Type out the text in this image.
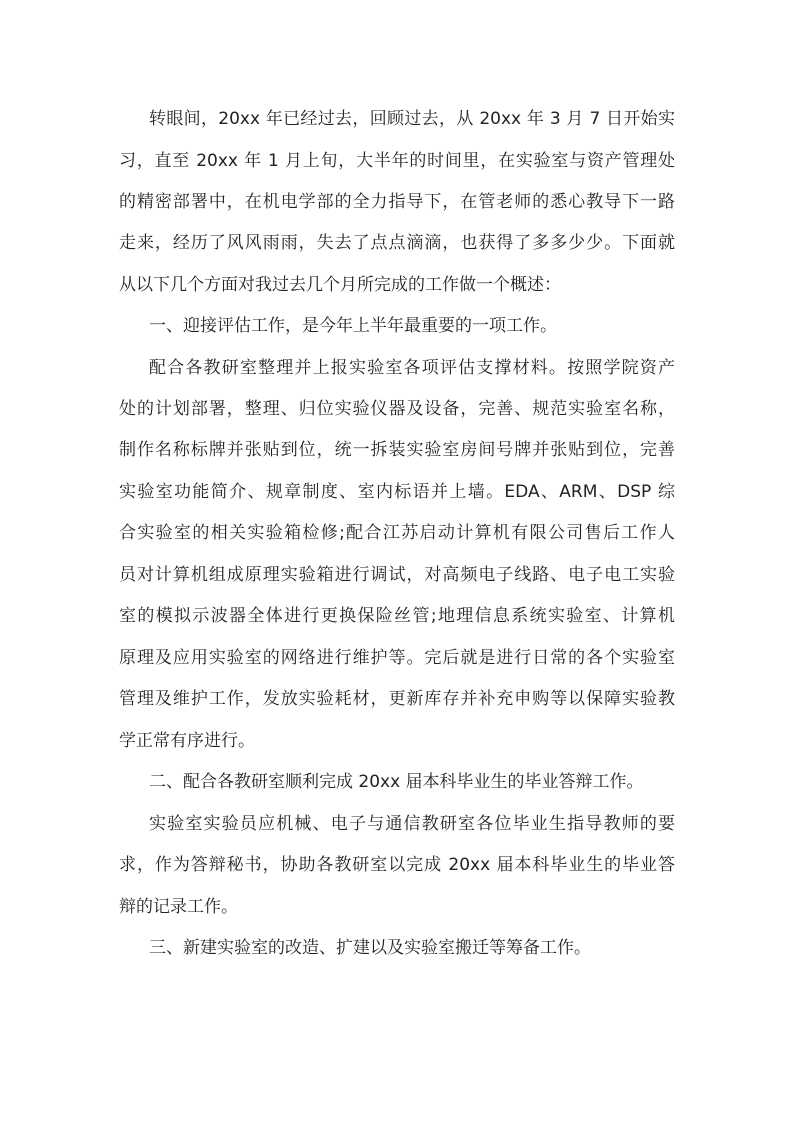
转眼间，20xx 年已经过去，回顾过去，从 20xx 年 3 月 7 日开始实
习，直至 20xx 年 1 月上旬，大半年的时间里，在实验室与资产管理处
的精密部署中，在机电学部的全力指导下，在管老师的悉心教导下一路
走来，经历了风风雨雨，失去了点点滴滴，也获得了多多少少。下面就
从以下几个方面对我过去几个月所完成的工作做一个概述：
一、迎接评估工作，是今年上半年最重要的一项工作。
配合各教研室整理并上报实验室各项评估支撑材料。按照学院资产
处的计划部署，整理、归位实验仪器及设备，完善、规范实验室名称，
制作名称标牌并张贴到位，统一拆装实验室房间号牌并张贴到位，完善
实验室功能简介、规章制度、室内标语并上墙。EDA、ARM、DSP 综
合实验室的相关实验箱检修;配合江苏启动计算机有限公司售后工作人
员对计算机组成原理实验箱进行调试，对高频电子线路、电子电工实验
室的模拟示波器全体进行更换保险丝管;地理信息系统实验室、计算机
原理及应用实验室的网络进行维护等。完后就是进行日常的各个实验室
管理及维护工作，发放实验耗材，更新库存并补充申购等以保障实验教
学正常有序进行。
二、配合各教研室顺利完成 20xx 届本科毕业生的毕业答辩工作。
实验室实验员应机械、电子与通信教研室各位毕业生指导教师的要
求，作为答辩秘书，协助各教研室以完成 20xx 届本科毕业生的毕业答
辩的记录工作。
三、新建实验室的改造、扩建以及实验室搬迁等筹备工作。
